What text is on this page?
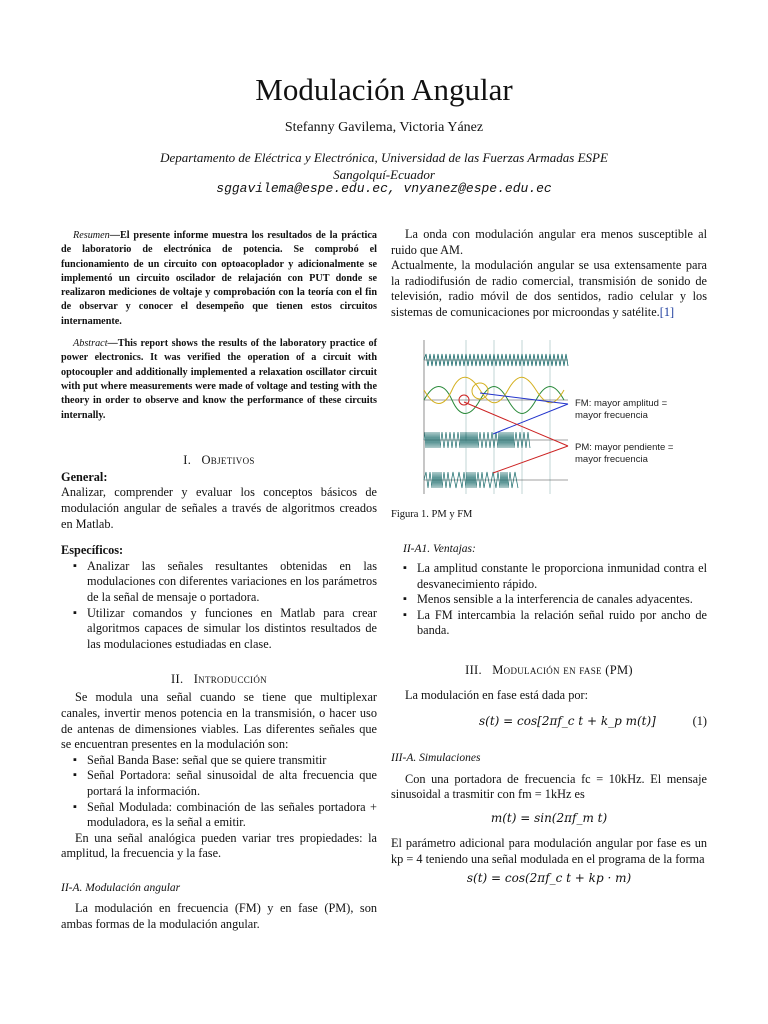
Modulación Angular
Stefanny Gavilema, Victoria Yánez
Departamento de Eléctrica y Electrónica, Universidad de las Fuerzas Armadas ESPE
Sangolquí-Ecuador
sggavilema@espe.edu.ec, vnyanez@espe.edu.ec
Resumen—El presente informe muestra los resultados de la práctica de laboratorio de electrónica de potencia. Se comprobó el funcionamiento de un circuito con optoacoplador y adicionalmente se implementó un circuito oscilador de relajación con PUT donde se realizaron mediciones de voltaje y comprobación con la teoría con el fin de observar y conocer el desempeño que tienen estos circuitos internamente.
Abstract—This report shows the results of the laboratory practice of power electronics. It was verified the operation of a circuit with optocoupler and additionally implemented a relaxation oscillator circuit with put where measurements were made of voltage and testing with the theory in order to observe and know the performance of these circuits internally.
I. Objetivos
General:
Analizar, comprender y evaluar los conceptos básicos de modulación angular de señales a través de algoritmos creados en Matlab.
Específicos:
▪ Analizar las señales resultantes obtenidas en las modulaciones con diferentes variaciones en los parámetros de la señal de mensaje o portadora.
▪ Utilizar comandos y funciones en Matlab para crear algoritmos capaces de simular los distintos resultados de las modulaciones estudiadas en clase.
II. Introducción
Se modula una señal cuando se tiene que multiplexar canales, invertir menos potencia en la transmisión, o hacer uso de antenas de dimensiones viables. Las diferentes señales que se encuentran presentes en la modulación son:
▪ Señal Banda Base: señal que se quiere transmitir
▪ Señal Portadora: señal sinusoidal de alta frecuencia que portará la información.
▪ Señal Modulada: combinación de las señales portadora + moduladora, es la señal a emitir.
En una señal analógica pueden variar tres propiedades: la amplitud, la frecuencia y la fase.
II-A. Modulación angular
La modulación en frecuencia (FM) y en fase (PM), son ambas formas de la modulación angular.
La onda con modulación angular era menos susceptible al ruido que AM.
Actualmente, la modulación angular se usa extensamente para la radiodifusión de radio comercial, transmisión de sonido de televisión, radio móvil de dos sentidos, radio celular y los sistemas de comunicaciones por microondas y satélite.[1]
FM: mayor amplitud =
mayor frecuencia
PM: mayor pendiente =
mayor frecuencia
Figura 1. PM y FM
II-A1. Ventajas:
▪ La amplitud constante le proporciona inmunidad contra el desvanecimiento rápido.
▪ Menos sensible a la interferencia de canales adyacentes.
▪ La FM intercambia la relación señal ruido por ancho de banda.
III. Modulación en fase (PM)
La modulación en fase está dada por:
s(t) = cos[2πf_c t + k_p m(t)]	(1)
III-A. Simulaciones
Con una portadora de frecuencia fc = 10kHz. El mensaje sinusoidal a trasmitir con fm = 1kHz es
m(t) = sin(2πf_m t)
El parámetro adicional para modulación angular por fase es un kp = 4 teniendo una señal modulada en el programa de la forma
s(t) = cos(2πf_c t + kp · m)
